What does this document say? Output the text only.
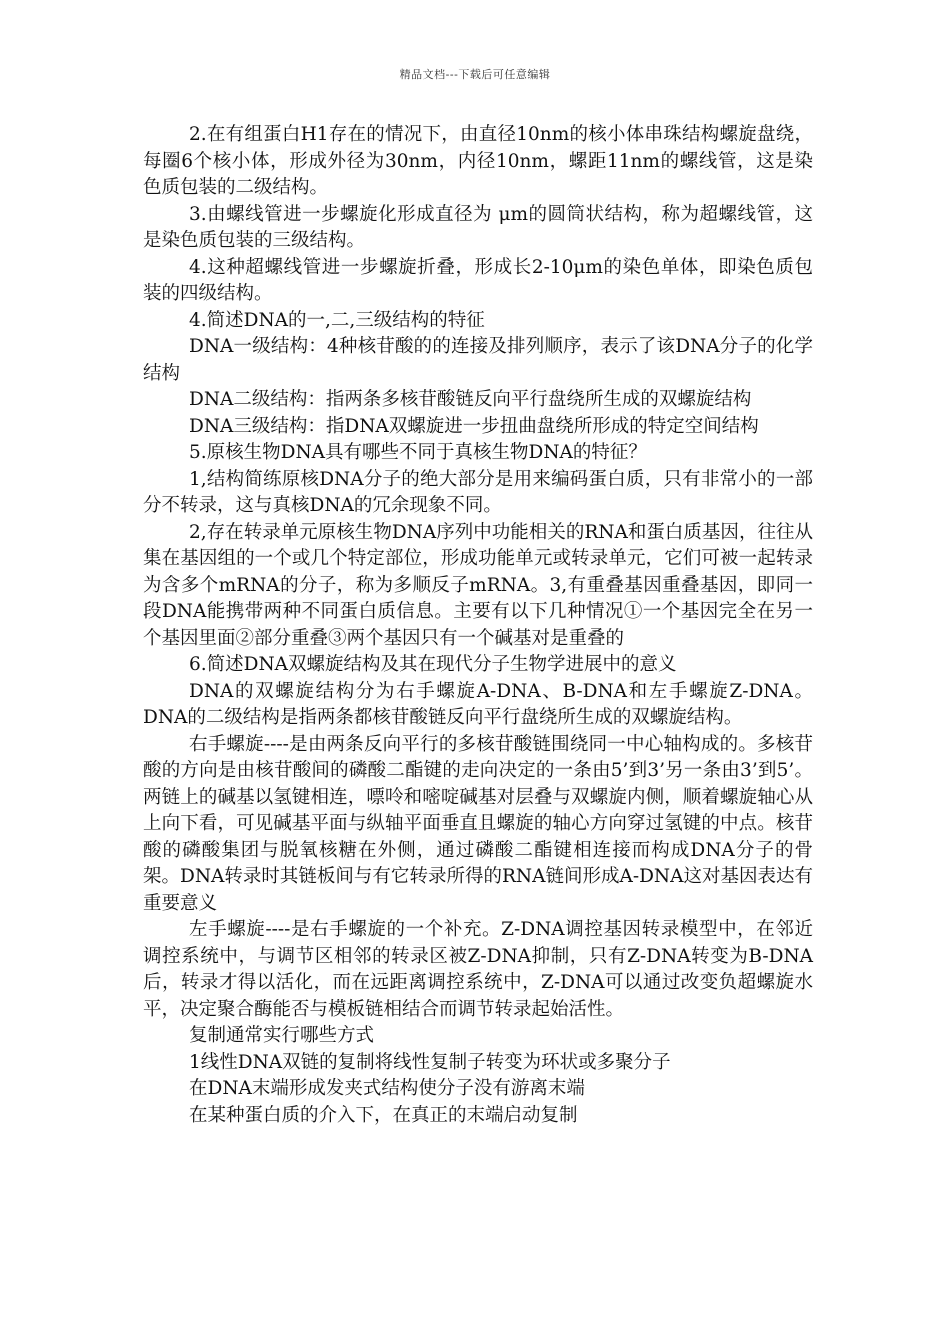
精品文档---下载后可任意编辑

2.在有组蛋白H1存在的情况下，由直径10nm的核小体串珠结构螺旋盘绕，每圈6个核小体，形成外径为30nm，内径10nm，螺距11nm的螺线管，这是染色质包装的二级结构。

3.由螺线管进一步螺旋化形成直径为 μm的圆筒状结构，称为超螺线管，这是染色质包装的三级结构。

4.这种超螺线管进一步螺旋折叠，形成长2-10μm的染色单体，即染色质包装的四级结构。

4.简述DNA的一,二,三级结构的特征

DNA一级结构：4种核苷酸的的连接及排列顺序，表示了该DNA分子的化学结构

DNA二级结构：指两条多核苷酸链反向平行盘绕所生成的双螺旋结构

DNA三级结构：指DNA双螺旋进一步扭曲盘绕所形成的特定空间结构

5.原核生物DNA具有哪些不同于真核生物DNA的特征？

1,结构简练原核DNA分子的绝大部分是用来编码蛋白质，只有非常小的一部分不转录，这与真核DNA的冗余现象不同。

2,存在转录单元原核生物DNA序列中功能相关的RNA和蛋白质基因，往往从集在基因组的一个或几个特定部位，形成功能单元或转录单元，它们可被一起转录为含多个mRNA的分子，称为多顺反子mRNA。3,有重叠基因重叠基因，即同一段DNA能携带两种不同蛋白质信息。主要有以下几种情况①一个基因完全在另一个基因里面②部分重叠③两个基因只有一个碱基对是重叠的

6.简述DNA双螺旋结构及其在现代分子生物学进展中的意义

DNA的双螺旋结构分为右手螺旋A-DNA、B-DNA和左手螺旋Z-DNA。DNA的二级结构是指两条都核苷酸链反向平行盘绕所生成的双螺旋结构。

右手螺旋----是由两条反向平行的多核苷酸链围绕同一中心轴构成的。多核苷酸的方向是由核苷酸间的磷酸二酯键的走向决定的一条由5’到3’另一条由3’到5’。两链上的碱基以氢键相连，嘌呤和嘧啶碱基对层叠与双螺旋内侧，顺着螺旋轴心从上向下看，可见碱基平面与纵轴平面垂直且螺旋的轴心方向穿过氢键的中点。核苷酸的磷酸集团与脱氧核糖在外侧，通过磷酸二酯键相连接而构成DNA分子的骨架。DNA转录时其链板间与有它转录所得的RNA链间形成A-DNA这对基因表达有重要意义

左手螺旋----是右手螺旋的一个补充。Z-DNA调控基因转录模型中，在邻近调控系统中，与调节区相邻的转录区被Z-DNA抑制，只有Z-DNA转变为B-DNA后，转录才得以活化，而在远距离调控系统中，Z-DNA可以通过改变负超螺旋水平，决定聚合酶能否与模板链相结合而调节转录起始活性。

复制通常实行哪些方式

1线性DNA双链的复制将线性复制子转变为环状或多聚分子

在DNA末端形成发夹式结构使分子没有游离末端

在某种蛋白质的介入下，在真正的末端启动复制
